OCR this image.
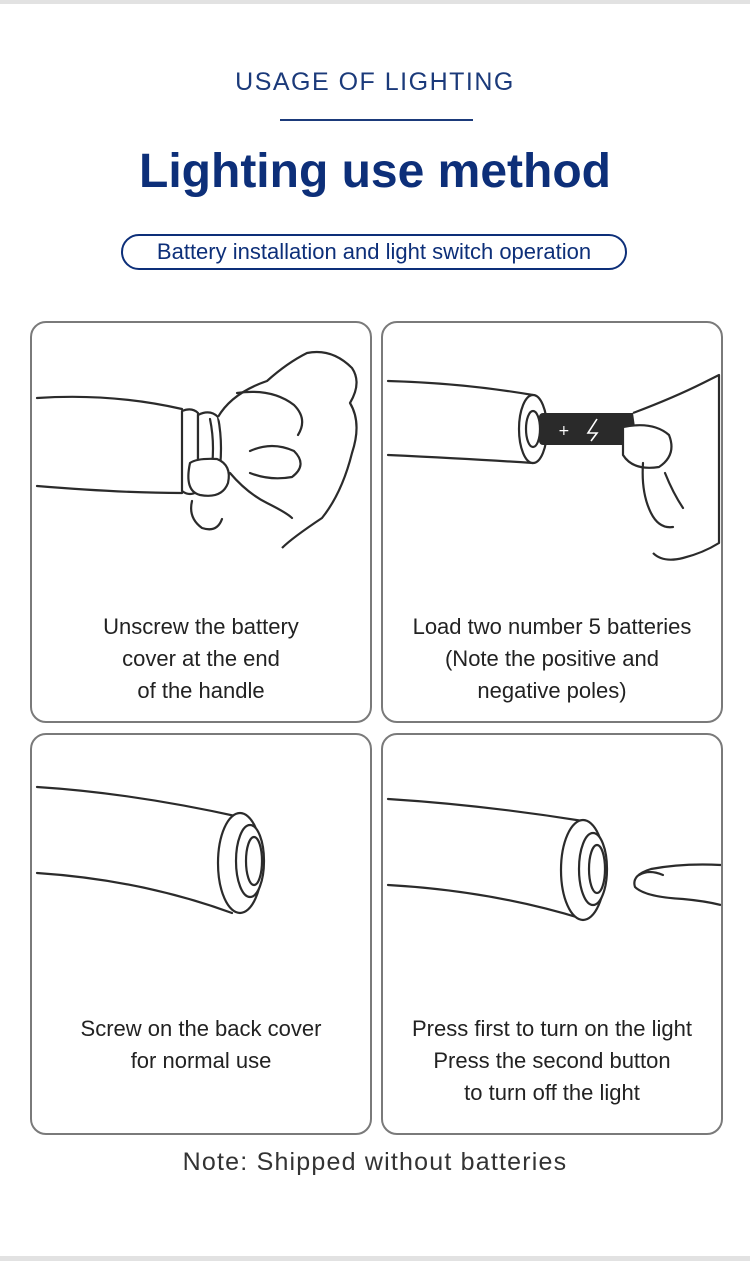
USAGE OF LIGHTING
Lighting use method
Battery installation and light switch operation
Unscrew the battery
cover at the end
of the handle
+
Load two number 5 batteries
(Note the positive and
negative poles)
Screw on the back cover
for normal use
Press first to turn on the light
Press the second button
to turn off the light
Note: Shipped without batteries
